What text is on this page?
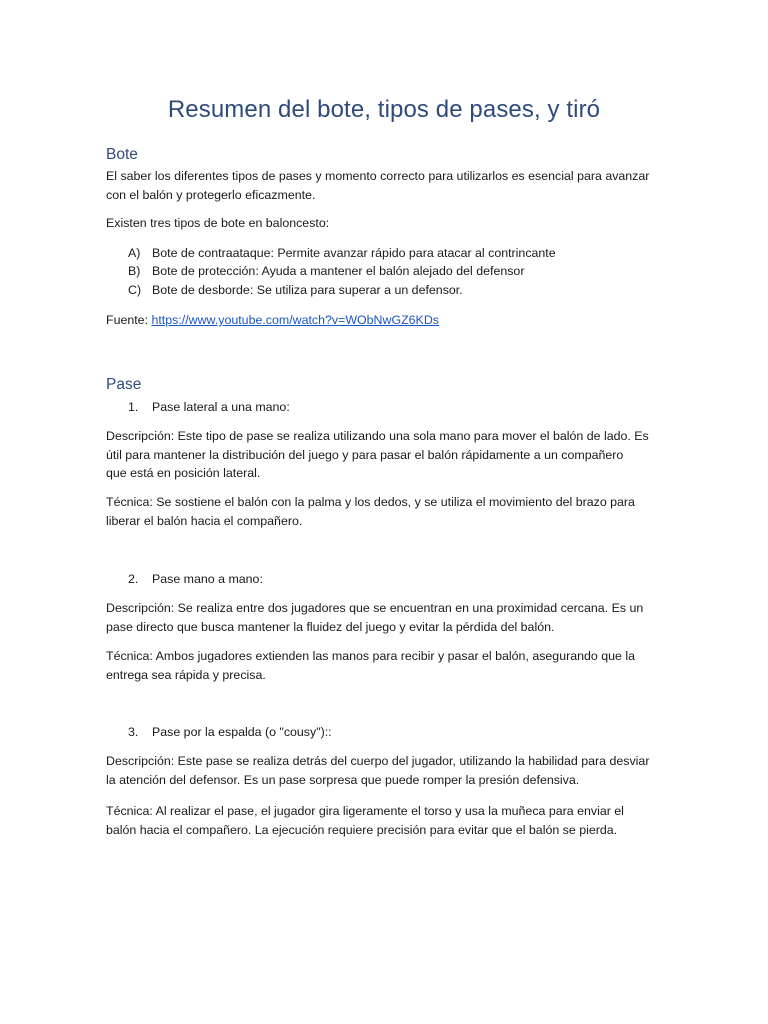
Resumen del bote, tipos de pases, y tiró
Bote
El saber los diferentes tipos de pases y momento correcto para utilizarlos es esencial para avanzar
con el balón y protegerlo eficazmente.
Existen tres tipos de bote en baloncesto:
A) Bote de contraataque: Permite avanzar rápido para atacar al contrincante
B) Bote de protección: Ayuda a mantener el balón alejado del defensor
C) Bote de desborde: Se utiliza para superar a un defensor.
Fuente: https://www.youtube.com/watch?v=WObNwGZ6KDs
Pase
1. Pase lateral a una mano:
Descripción: Este tipo de pase se realiza utilizando una sola mano para mover el balón de lado. Es
útil para mantener la distribución del juego y para pasar el balón rápidamente a un compañero
que está en posición lateral.
Técnica: Se sostiene el balón con la palma y los dedos, y se utiliza el movimiento del brazo para
liberar el balón hacia el compañero.
2. Pase mano a mano:
Descripción: Se realiza entre dos jugadores que se encuentran en una proximidad cercana. Es un
pase directo que busca mantener la fluidez del juego y evitar la pérdida del balón.
Técnica: Ambos jugadores extienden las manos para recibir y pasar el balón, asegurando que la
entrega sea rápida y precisa.
3. Pase por la espalda (o "cousy")::
Descripción: Este pase se realiza detrás del cuerpo del jugador, utilizando la habilidad para desviar
la atención del defensor. Es un pase sorpresa que puede romper la presión defensiva.
Técnica: Al realizar el pase, el jugador gira ligeramente el torso y usa la muñeca para enviar el
balón hacia el compañero. La ejecución requiere precisión para evitar que el balón se pierda.
